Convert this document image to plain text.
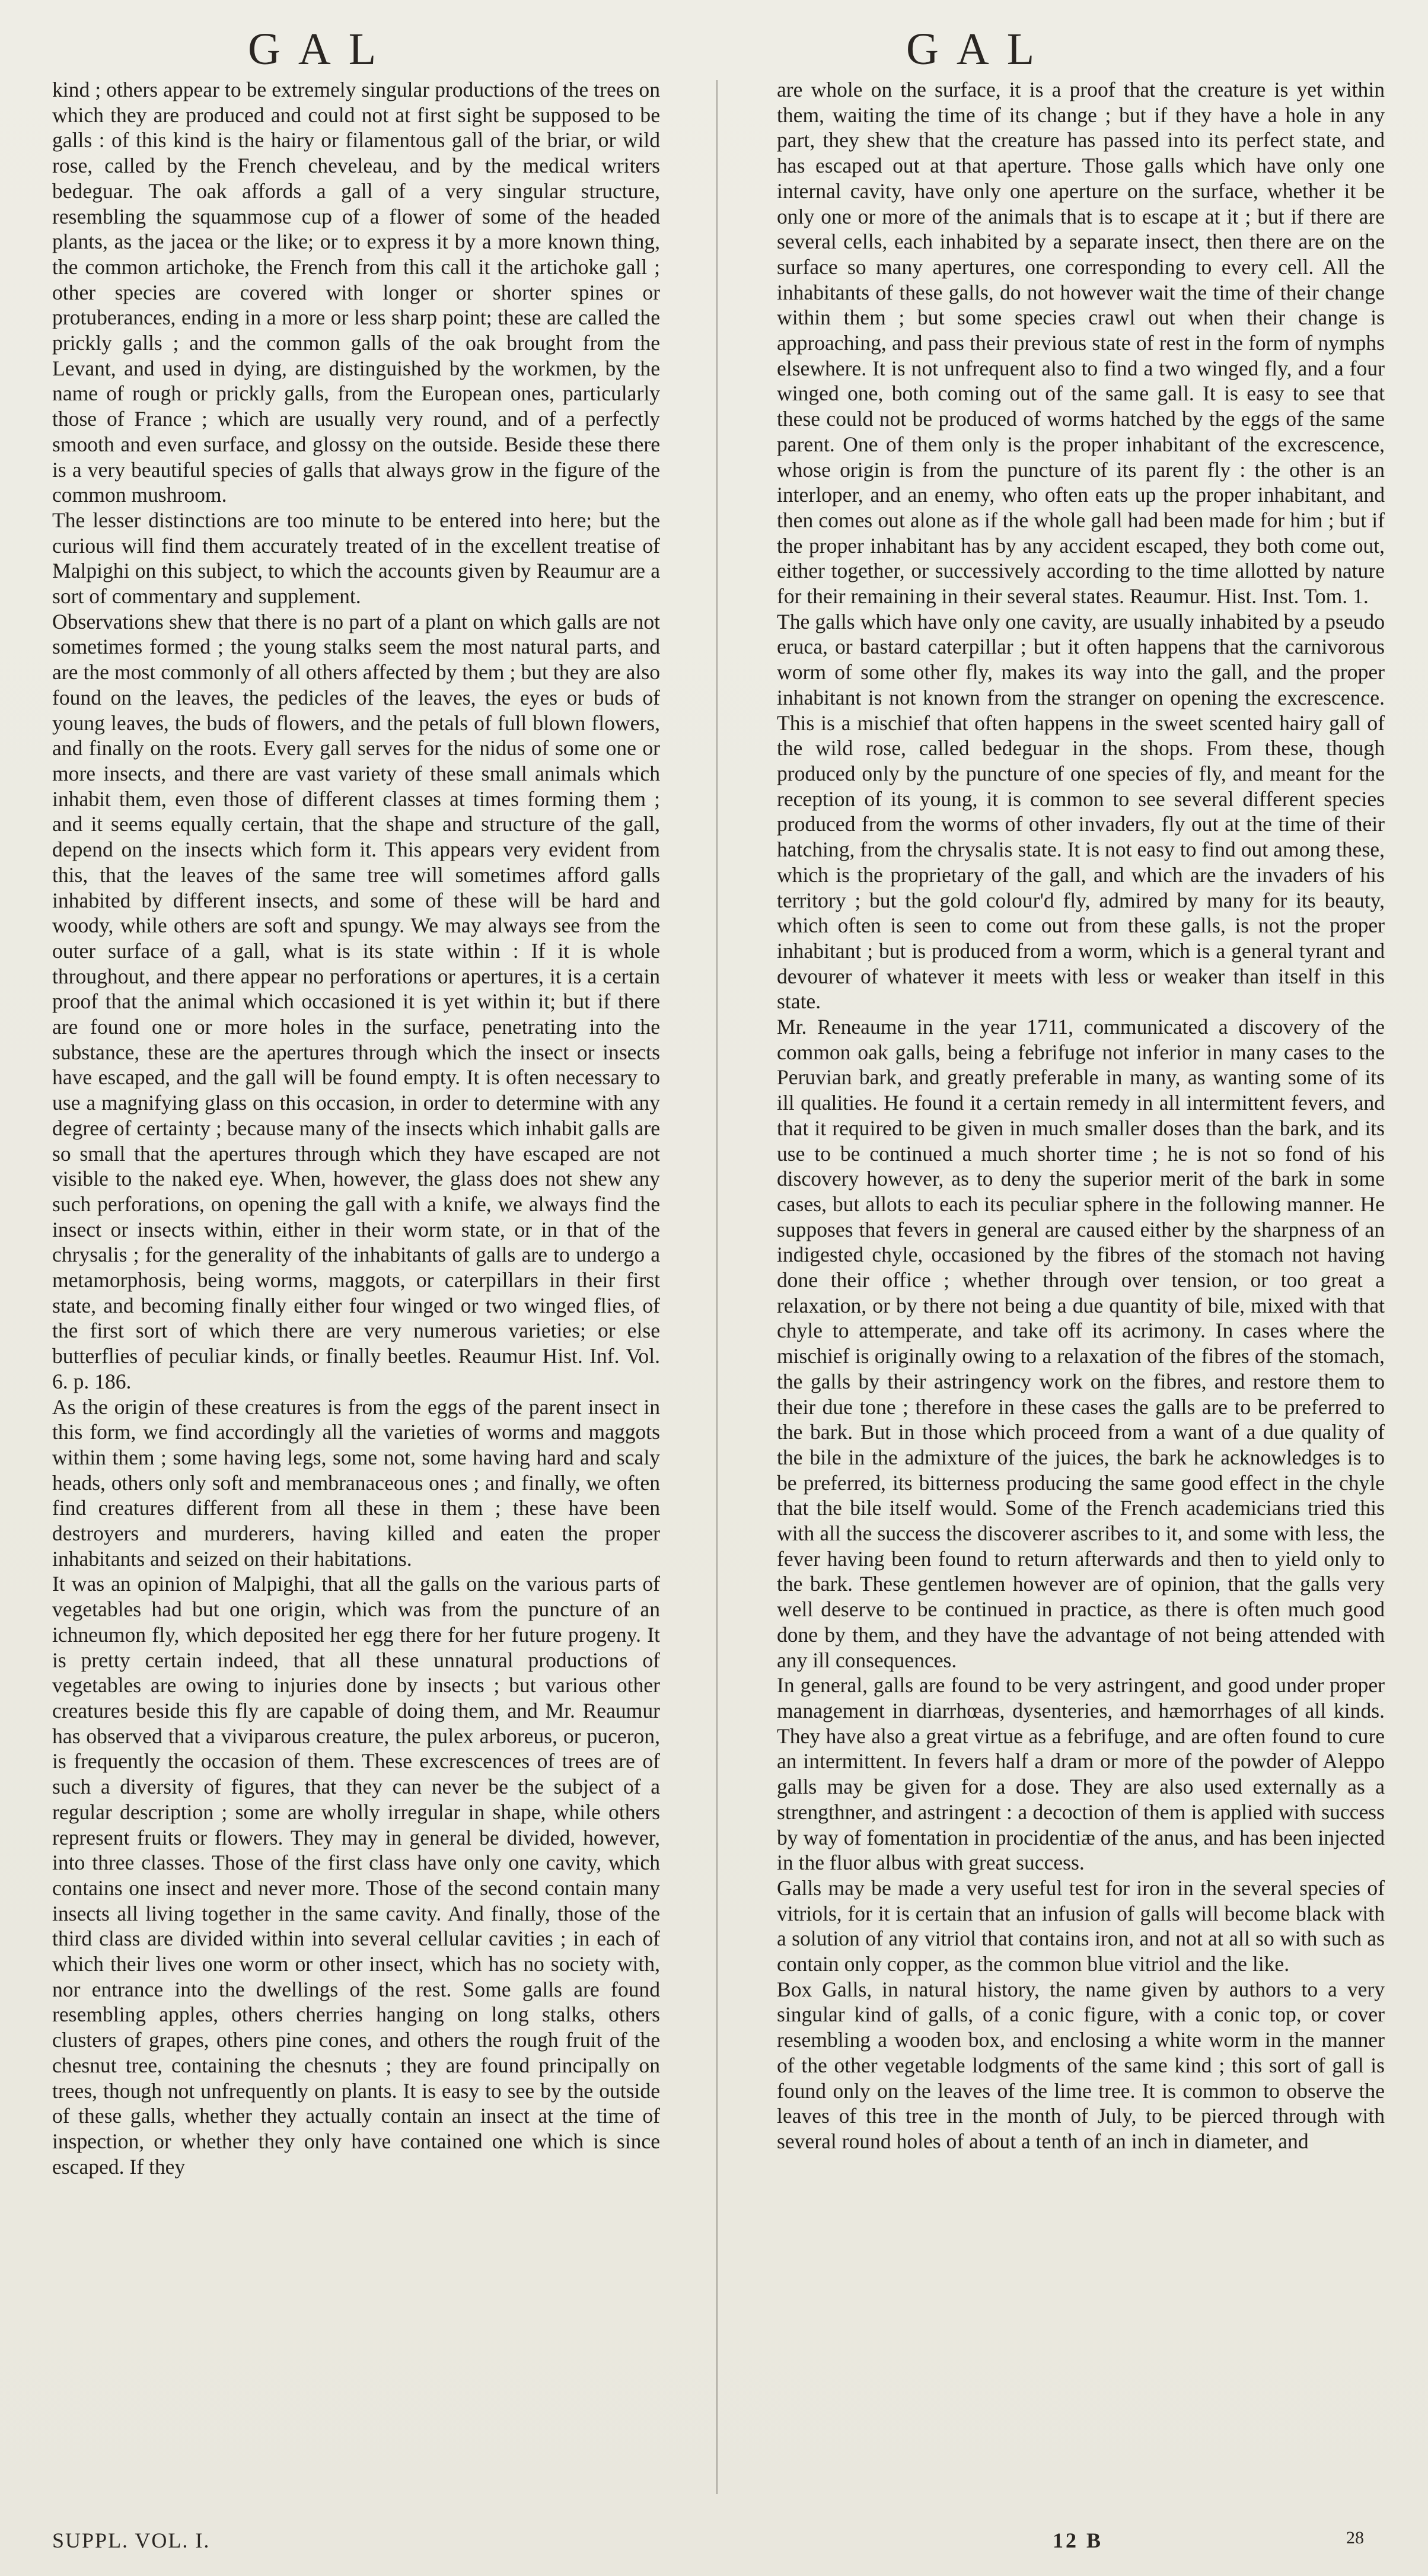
GAL	GAL

kind ; others appear to be extremely singular productions of the trees on which they are produced and could not at first sight be supposed to be galls : of this kind is the hairy or filamentous gall of the briar, or wild rose, called by the French cheveleau, and by the medical writers bedeguar. The oak affords a gall of a very singular structure, resembling the squammose cup of a flower of some of the headed plants, as the jacea or the like; or to express it by a more known thing, the common artichoke, the French from this call it the artichoke gall ; other species are covered with longer or shorter spines or protuberances, ending in a more or less sharp point; these are called the prickly galls ; and the common galls of the oak brought from the Levant, and used in dying, are distinguished by the workmen, by the name of rough or prickly galls, from the European ones, particularly those of France ; which are usually very round, and of a perfectly smooth and even surface, and glossy on the outside. Beside these there is a very beautiful species of galls that always grow in the figure of the common mushroom.

The lesser distinctions are too minute to be entered into here; but the curious will find them accurately treated of in the excellent treatise of Malpighi on this subject, to which the accounts given by Reaumur are a sort of commentary and supplement.

Observations shew that there is no part of a plant on which galls are not sometimes formed ; the young stalks seem the most natural parts, and are the most commonly of all others affected by them ; but they are also found on the leaves, the pedicles of the leaves, the eyes or buds of young leaves, the buds of flowers, and the petals of full blown flowers, and finally on the roots. Every gall serves for the nidus of some one or more insects, and there are vast variety of these small animals which inhabit them, even those of different classes at times forming them ; and it seems equally certain, that the shape and structure of the gall, depend on the insects which form it. This appears very evident from this, that the leaves of the same tree will sometimes afford galls inhabited by different insects, and some of these will be hard and woody, while others are soft and spungy. We may always see from the outer surface of a gall, what is its state within : If it is whole throughout, and there appear no perforations or apertures, it is a certain proof that the animal which occasioned it is yet within it; but if there are found one or more holes in the surface, penetrating into the substance, these are the apertures through which the insect or insects have escaped, and the gall will be found empty. It is often necessary to use a magnifying glass on this occasion, in order to determine with any degree of certainty ; because many of the insects which inhabit galls are so small that the apertures through which they have escaped are not visible to the naked eye. When, however, the glass does not shew any such perforations, on opening the gall with a knife, we always find the insect or insects within, either in their worm state, or in that of the chrysalis ; for the generality of the inhabitants of galls are to undergo a metamorphosis, being worms, maggots, or caterpillars in their first state, and becoming finally either four winged or two winged flies, of the first sort of which there are very numerous varieties; or else butterflies of peculiar kinds, or finally beetles. Reaumur Hist. Inf. Vol. 6. p. 186.

As the origin of these creatures is from the eggs of the parent insect in this form, we find accordingly all the varieties of worms and maggots within them ; some having legs, some not, some having hard and scaly heads, others only soft and membranaceous ones ; and finally, we often find creatures different from all these in them ; these have been destroyers and murderers, having killed and eaten the proper inhabitants and seized on their habitations.

It was an opinion of Malpighi, that all the galls on the various parts of vegetables had but one origin, which was from the puncture of an ichneumon fly, which deposited her egg there for her future progeny. It is pretty certain indeed, that all these unnatural productions of vegetables are owing to injuries done by insects ; but various other creatures beside this fly are capable of doing them, and Mr. Reaumur has observed that a viviparous creature, the pulex arboreus, or puceron, is frequently the occasion of them. These excrescences of trees are of such a diversity of figures, that they can never be the subject of a regular description ; some are wholly irregular in shape, while others represent fruits or flowers. They may in general be divided, however, into three classes. Those of the first class have only one cavity, which contains one insect and never more. Those of the second contain many insects all living together in the same cavity. And finally, those of the third class are divided within into several cellular cavities ; in each of which their lives one worm or other insect, which has no society with, nor entrance into the dwellings of the rest. Some galls are found resembling apples, others cherries hanging on long stalks, others clusters of grapes, others pine cones, and others the rough fruit of the chesnut tree, containing the chesnuts ; they are found principally on trees, though not unfrequently on plants. It is easy to see by the outside of these galls, whether they actually contain an insect at the time of inspection, or whether they only have contained one which is since escaped. If they

are whole on the surface, it is a proof that the creature is yet within them, waiting the time of its change ; but if they have a hole in any part, they shew that the creature has passed into its perfect state, and has escaped out at that aperture. Those galls which have only one internal cavity, have only one aperture on the surface, whether it be only one or more of the animals that is to escape at it ; but if there are several cells, each inhabited by a separate insect, then there are on the surface so many apertures, one corresponding to every cell. All the inhabitants of these galls, do not however wait the time of their change within them ; but some species crawl out when their change is approaching, and pass their previous state of rest in the form of nymphs elsewhere. It is not unfrequent also to find a two winged fly, and a four winged one, both coming out of the same gall. It is easy to see that these could not be produced of worms hatched by the eggs of the same parent. One of them only is the proper inhabitant of the excrescence, whose origin is from the puncture of its parent fly : the other is an interloper, and an enemy, who often eats up the proper inhabitant, and then comes out alone as if the whole gall had been made for him ; but if the proper inhabitant has by any accident escaped, they both come out, either together, or successively according to the time allotted by nature for their remaining in their several states. Reaumur. Hist. Inst. Tom. 1.

The galls which have only one cavity, are usually inhabited by a pseudo eruca, or bastard caterpillar ; but it often happens that the carnivorous worm of some other fly, makes its way into the gall, and the proper inhabitant is not known from the stranger on opening the excrescence. This is a mischief that often happens in the sweet scented hairy gall of the wild rose, called bedeguar in the shops. From these, though produced only by the puncture of one species of fly, and meant for the reception of its young, it is common to see several different species produced from the worms of other invaders, fly out at the time of their hatching, from the chrysalis state. It is not easy to find out among these, which is the proprietary of the gall, and which are the invaders of his territory ; but the gold colour'd fly, admired by many for its beauty, which often is seen to come out from these galls, is not the proper inhabitant ; but is produced from a worm, which is a general tyrant and devourer of whatever it meets with less or weaker than itself in this state.

Mr. Reneaume in the year 1711, communicated a discovery of the common oak galls, being a febrifuge not inferior in many cases to the Peruvian bark, and greatly preferable in many, as wanting some of its ill qualities. He found it a certain remedy in all intermittent fevers, and that it required to be given in much smaller doses than the bark, and its use to be continued a much shorter time ; he is not so fond of his discovery however, as to deny the superior merit of the bark in some cases, but allots to each its peculiar sphere in the following manner. He supposes that fevers in general are caused either by the sharpness of an indigested chyle, occasioned by the fibres of the stomach not having done their office ; whether through over tension, or too great a relaxation, or by there not being a due quantity of bile, mixed with that chyle to attemperate, and take off its acrimony. In cases where the mischief is originally owing to a relaxation of the fibres of the stomach, the galls by their astringency work on the fibres, and restore them to their due tone ; therefore in these cases the galls are to be preferred to the bark. But in those which proceed from a want of a due quality of the bile in the admixture of the juices, the bark he acknowledges is to be preferred, its bitterness producing the same good effect in the chyle that the bile itself would. Some of the French academicians tried this with all the success the discoverer ascribes to it, and some with less, the fever having been found to return afterwards and then to yield only to the bark. These gentlemen however are of opinion, that the galls very well deserve to be continued in practice, as there is often much good done by them, and they have the advantage of not being attended with any ill consequences.

In general, galls are found to be very astringent, and good under proper management in diarrhœas, dysenteries, and hæmorrhages of all kinds. They have also a great virtue as a febrifuge, and are often found to cure an intermittent. In fevers half a dram or more of the powder of Aleppo galls may be given for a dose. They are also used externally as a strengthner, and astringent : a decoction of them is applied with success by way of fomentation in procidentiæ of the anus, and has been injected in the fluor albus with great success.

Galls may be made a very useful test for iron in the several species of vitriols, for it is certain that an infusion of galls will become black with a solution of any vitriol that contains iron, and not at all so with such as contain only copper, as the common blue vitriol and the like.

Box Galls, in natural history, the name given by authors to a very singular kind of galls, of a conic figure, with a conic top, or cover resembling a wooden box, and enclosing a white worm in the manner of the other vegetable lodgments of the same kind ; this sort of gall is found only on the leaves of the lime tree. It is common to observe the leaves of this tree in the month of July, to be pierced through with several round holes of about a tenth of an inch in diameter, and

SUPPL. VOL. I.	12 B	28
